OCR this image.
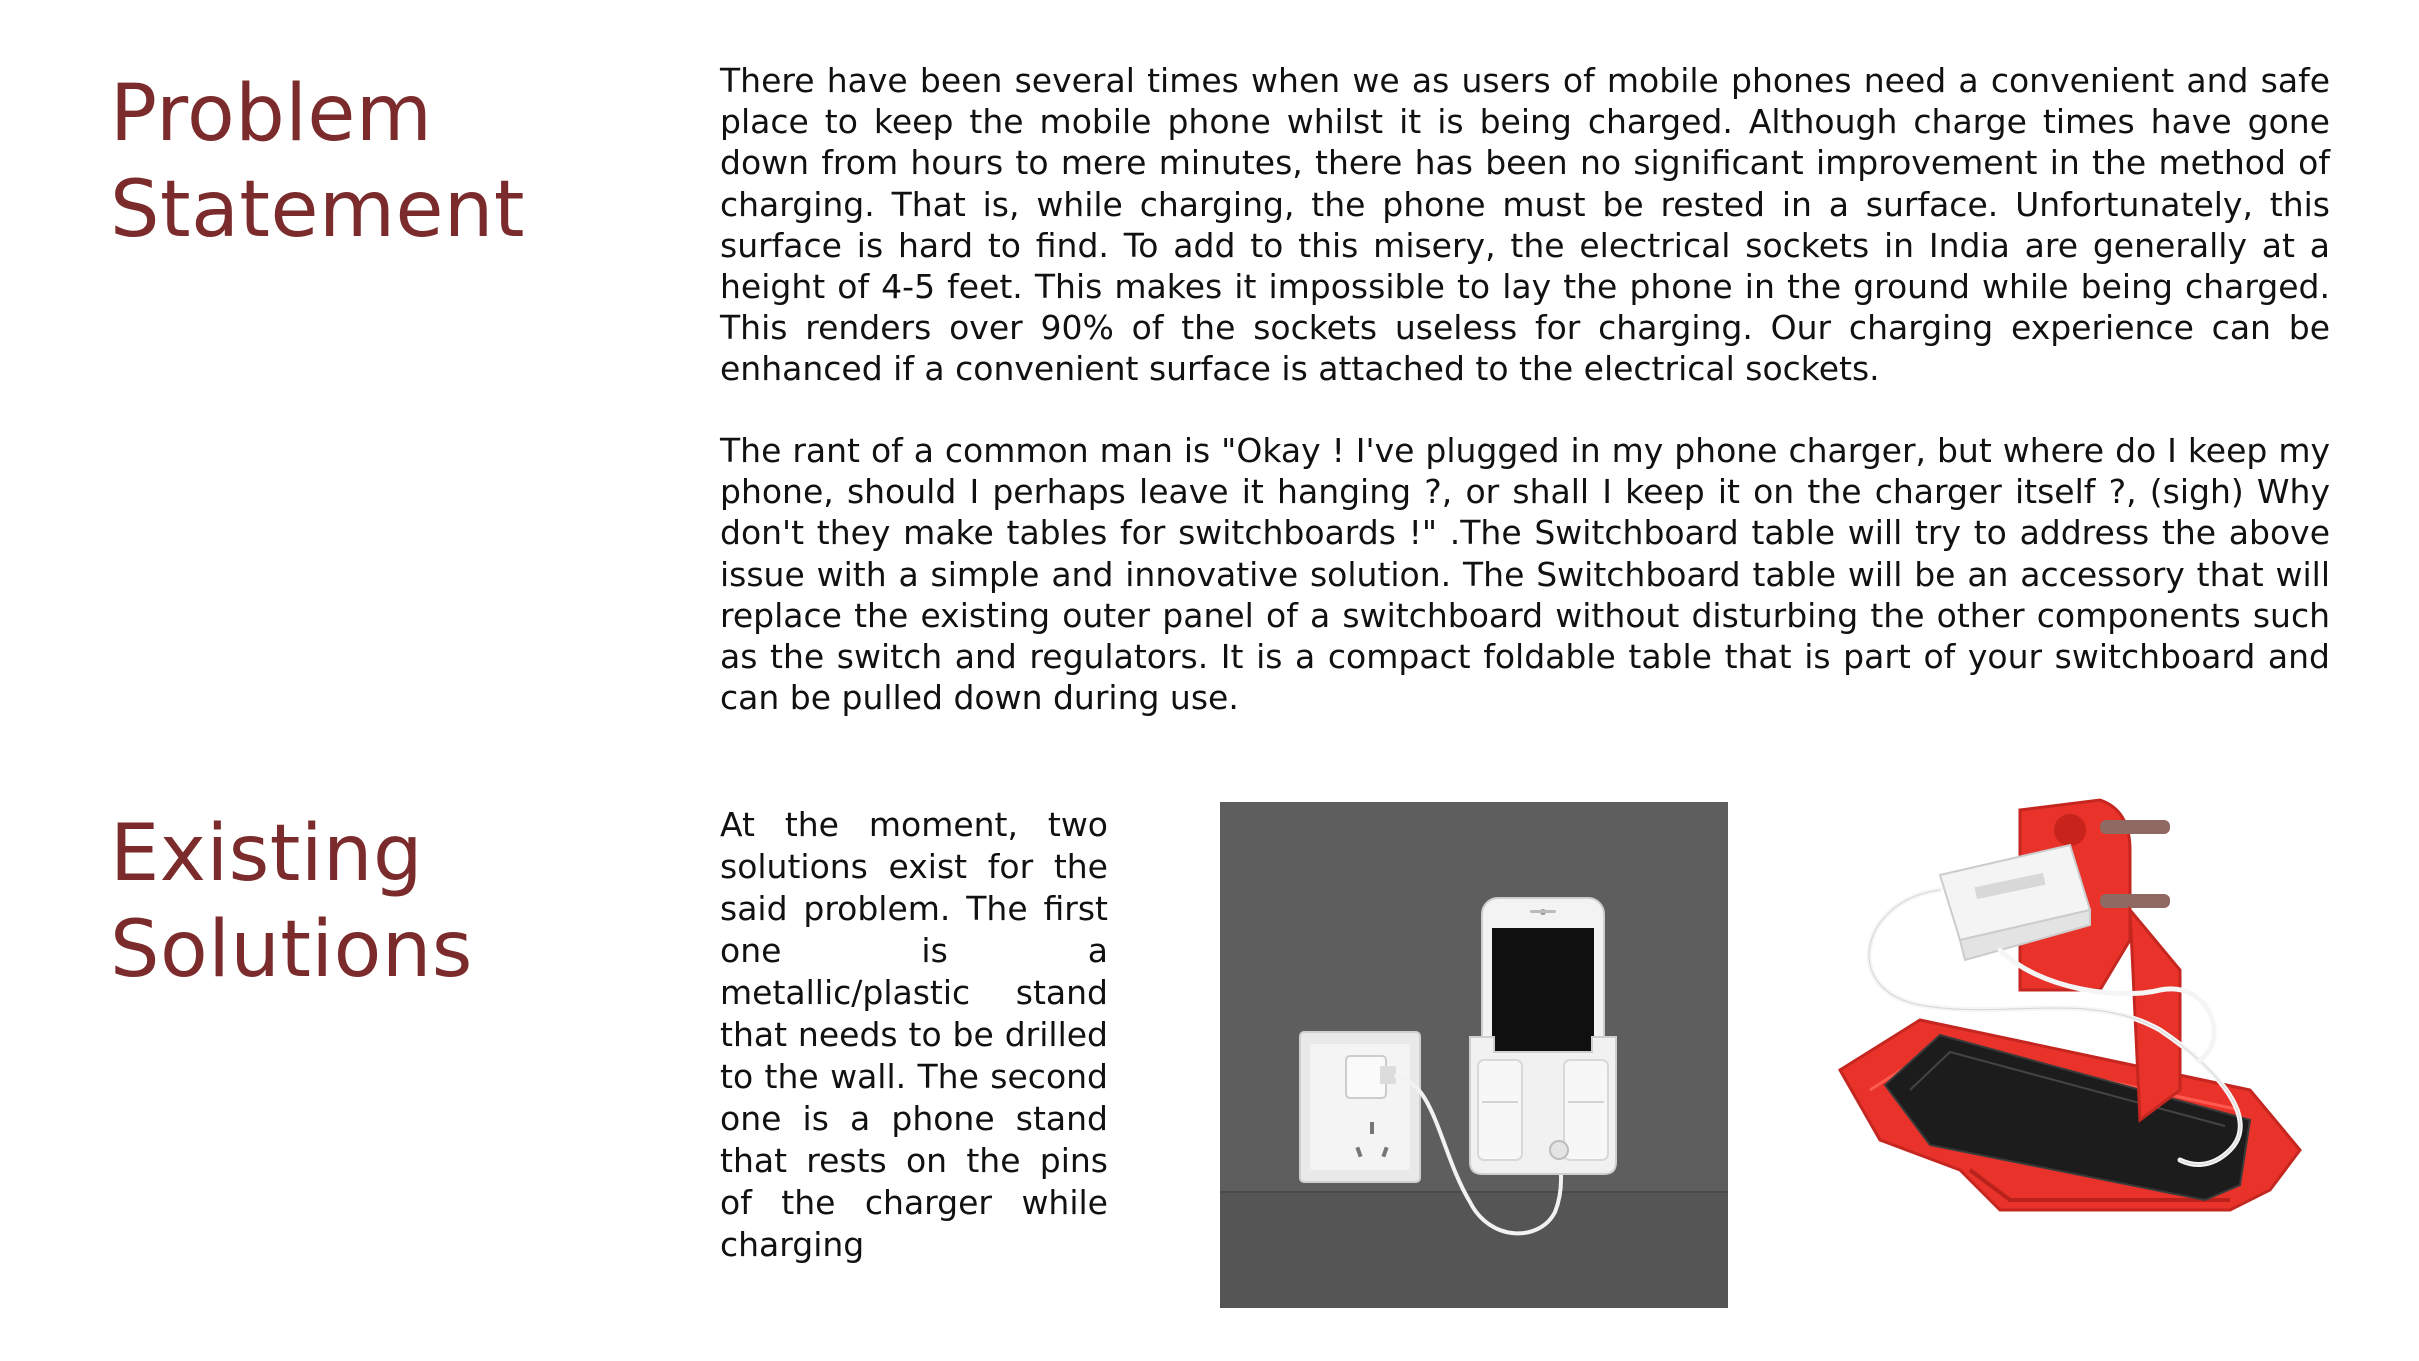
Problem
Statement

There have been several times when we as users of mobile phones need a convenient and safe place to keep the mobile phone whilst it is being charged. Although charge times have gone down from hours to mere minutes, there has been no significant improvement in the method of charging. That is, while charging, the phone must be rested in a surface. Unfortunately, this surface is hard to find. To add to this misery, the electrical sockets in India are generally at a height of 4-5 feet. This makes it impossible to lay the phone in the ground while being charged. This renders over 90% of the sockets useless for charging. Our charging experience can be enhanced if a convenient surface is attached to the electrical sockets.

The rant of a common man is "Okay ! I've plugged in my phone charger, but where do I keep my phone, should I perhaps leave it hanging ?, or shall I keep it on the charger itself ?, (sigh) Why don't they make tables for switchboards !" .The Switchboard table will try to address the above issue with a simple and innovative solution. The Switchboard table will be an accessory that will replace the existing outer panel of a switchboard without disturbing the other components such as the switch and regulators. It is a compact foldable table that is part of your switchboard and can be pulled down during use.

Existing
Solutions

At the moment, two solutions exist for the said problem. The first one is a metallic/plastic stand that needs to be drilled to the wall. The second one is a phone stand that rests on the pins of the charger while charging
